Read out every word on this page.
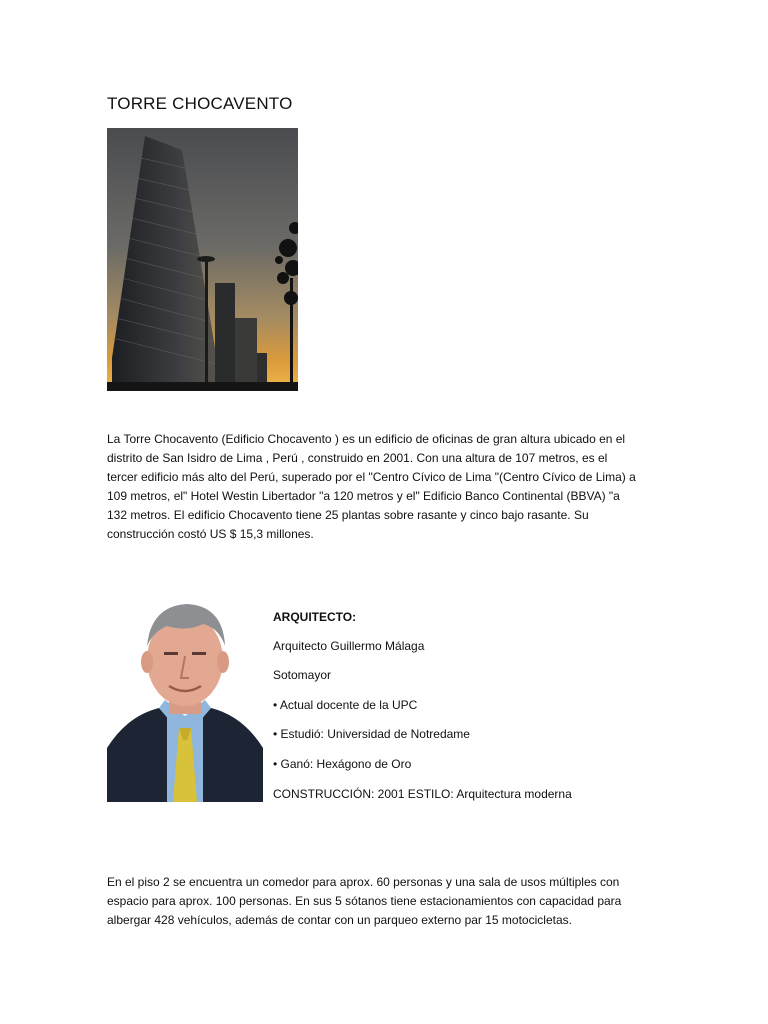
TORRE CHOCAVENTO
La Torre Chocavento (Edificio Chocavento ) es un edificio de oficinas de gran altura ubicado en el
distrito de San Isidro de Lima , Perú , construido en 2001. Con una altura de 107 metros, es el
tercer edificio más alto del Perú, superado por el "Centro Cívico de Lima "(Centro Cívico de Lima) a
109 metros, el" Hotel Westin Libertador "a 120 metros y el" Edificio Banco Continental (BBVA) "a
132 metros. El edificio Chocavento tiene 25 plantas sobre rasante y cinco bajo rasante. Su
construcción costó US $ 15,3 millones.
ARQUITECTO:
Arquitecto Guillermo Málaga
Sotomayor
• Actual docente de la UPC
• Estudió: Universidad de Notredame
• Ganó: Hexágono de Oro
CONSTRUCCIÓN: 2001 ESTILO: Arquitectura moderna
En el piso 2 se encuentra un comedor para aprox. 60 personas y una sala de usos múltiples con
espacio para aprox. 100 personas. En sus 5 sótanos tiene estacionamientos con capacidad para
albergar 428 vehículos, además de contar con un parqueo externo par 15 motocicletas.
